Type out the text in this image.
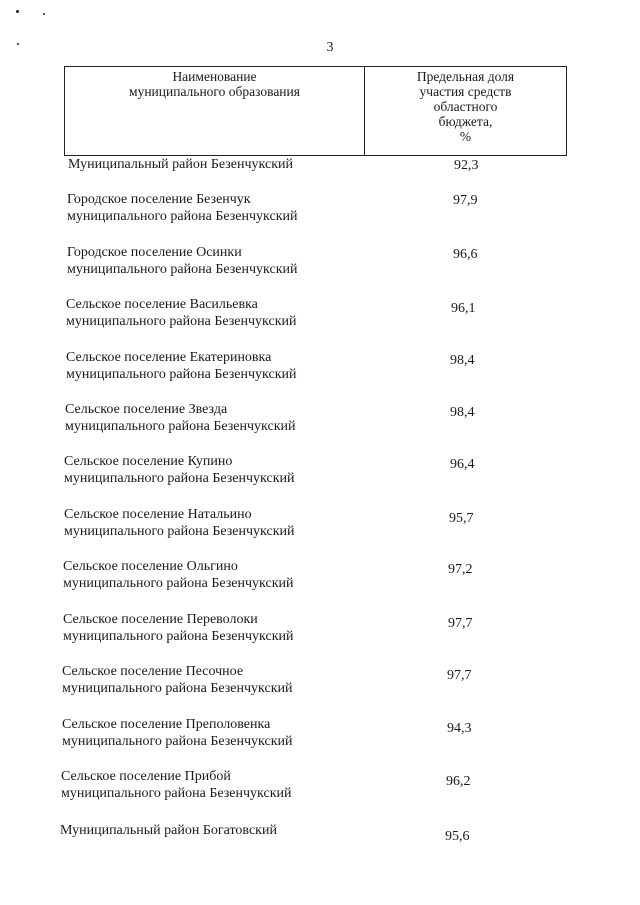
3
Наименование
муниципального образования
Предельная доля
участия средств
областного
бюджета,
%
Муниципальный район Безенчукский	92,3
Городское поселение Безенчук
муниципального района Безенчукский
97,9
Городское поселение Осинки
муниципального района Безенчукский
96,6
Сельское поселение Васильевка
муниципального района Безенчукский
96,1
Сельское поселение Екатериновка
муниципального района Безенчукский
98,4
Сельское поселение Звезда
муниципального района Безенчукский
98,4
Сельское поселение Купино
муниципального района Безенчукский
96,4
Сельское поселение Натальино
муниципального района Безенчукский
95,7
Сельское поселение Ольгино
муниципального района Безенчукский
97,2
Сельское поселение Переволоки
муниципального района Безенчукский
97,7
Сельское поселение Песочное
муниципального района Безенчукский
97,7
Сельское поселение Преполовенка
муниципального района Безенчукский
94,3
Сельское поселение Прибой
муниципального района Безенчукский
96,2
Муниципальный район Богатовский	95,6
